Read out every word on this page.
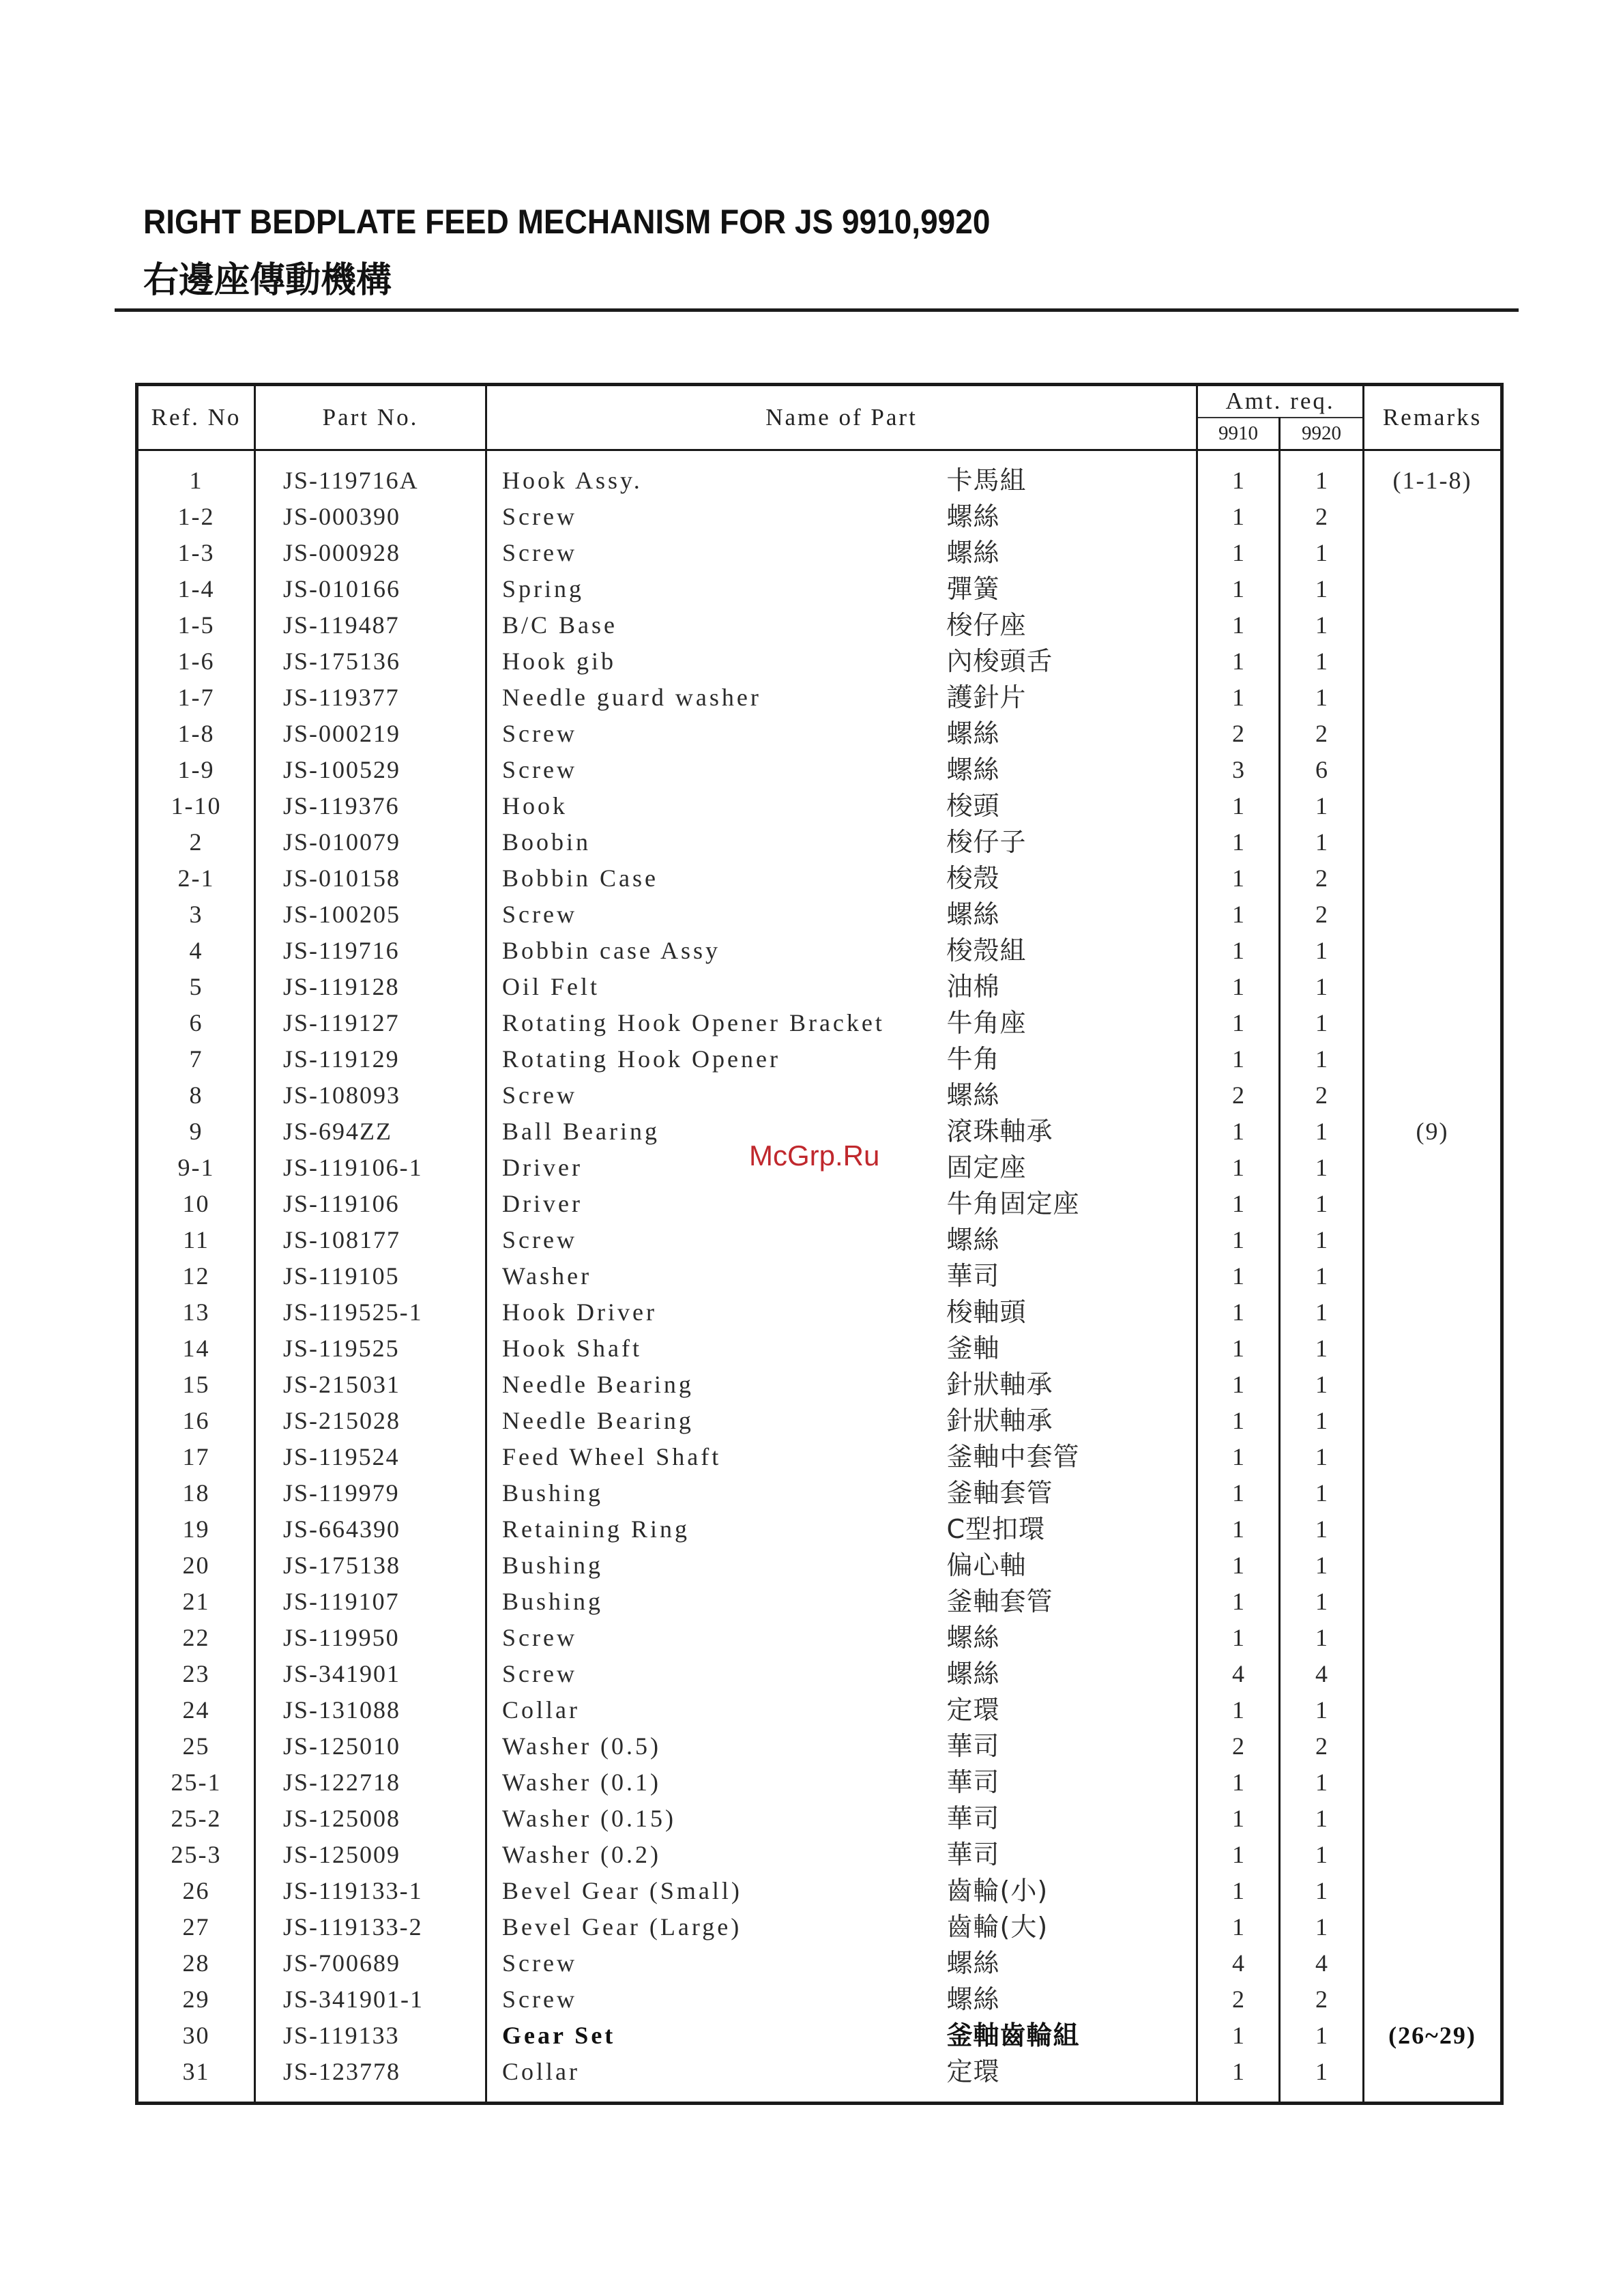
RIGHT BEDPLATE FEED MECHANISM FOR JS 9910,9920
右邊座傳動機構
Ref. No	Part No.	Name of Part		Amt. req.		Remarks
				9910	9920	

1	JS-119716A	Hook Assy.	卡馬組	1	1	(1-1-8)
1-2	JS-000390	Screw	螺絲	1	2	
1-3	JS-000928	Screw	螺絲	1	1	
1-4	JS-010166	Spring	彈簧	1	1	
1-5	JS-119487	B/C Base	梭仔座	1	1	
1-6	JS-175136	Hook gib	內梭頭舌	1	1	
1-7	JS-119377	Needle guard washer	護針片	1	1	
1-8	JS-000219	Screw	螺絲	2	2	
1-9	JS-100529	Screw	螺絲	3	6	
1-10	JS-119376	Hook	梭頭	1	1	
2	JS-010079	Boobin	梭仔子	1	1	
2-1	JS-010158	Bobbin Case	梭殼	1	2	
3	JS-100205	Screw	螺絲	1	2	
4	JS-119716	Bobbin case Assy	梭殼組	1	1	
5	JS-119128	Oil Felt	油棉	1	1	
6	JS-119127	Rotating Hook Opener Bracket	牛角座	1	1	
7	JS-119129	Rotating Hook Opener	牛角	1	1	
8	JS-108093	Screw	螺絲	2	2	
9	JS-694ZZ	Ball Bearing	滾珠軸承	1	1	(9)
9-1	JS-119106-1	Driver	固定座	1	1	
10	JS-119106	Driver	牛角固定座	1	1	
11	JS-108177	Screw	螺絲	1	1	
12	JS-119105	Washer	華司	1	1	
13	JS-119525-1	Hook Driver	梭軸頭	1	1	
14	JS-119525	Hook Shaft	釜軸	1	1	
15	JS-215031	Needle Bearing	針狀軸承	1	1	
16	JS-215028	Needle Bearing	針狀軸承	1	1	
17	JS-119524	Feed Wheel Shaft	釜軸中套管	1	1	
18	JS-119979	Bushing	釜軸套管	1	1	
19	JS-664390	Retaining Ring	C型扣環	1	1	
20	JS-175138	Bushing	偏心軸	1	1	
21	JS-119107	Bushing	釜軸套管	1	1	
22	JS-119950	Screw	螺絲	1	1	
23	JS-341901	Screw	螺絲	4	4	
24	JS-131088	Collar	定環	1	1	
25	JS-125010	Washer (0.5)	華司	2	2	
25-1	JS-122718	Washer (0.1)	華司	1	1	
25-2	JS-125008	Washer (0.15)	華司	1	1	
25-3	JS-125009	Washer (0.2)	華司	1	1	
26	JS-119133-1	Bevel Gear (Small)	齒輪(小)	1	1	
27	JS-119133-2	Bevel Gear (Large)	齒輪(大)	1	1	
28	JS-700689	Screw	螺絲	4	4	
29	JS-341901-1	Screw	螺絲	2	2	
30	JS-119133	Gear Set	釜軸齒輪組	1	1	(26~29)
31	JS-123778	Collar	定環	1	1	

McGrp.Ru
